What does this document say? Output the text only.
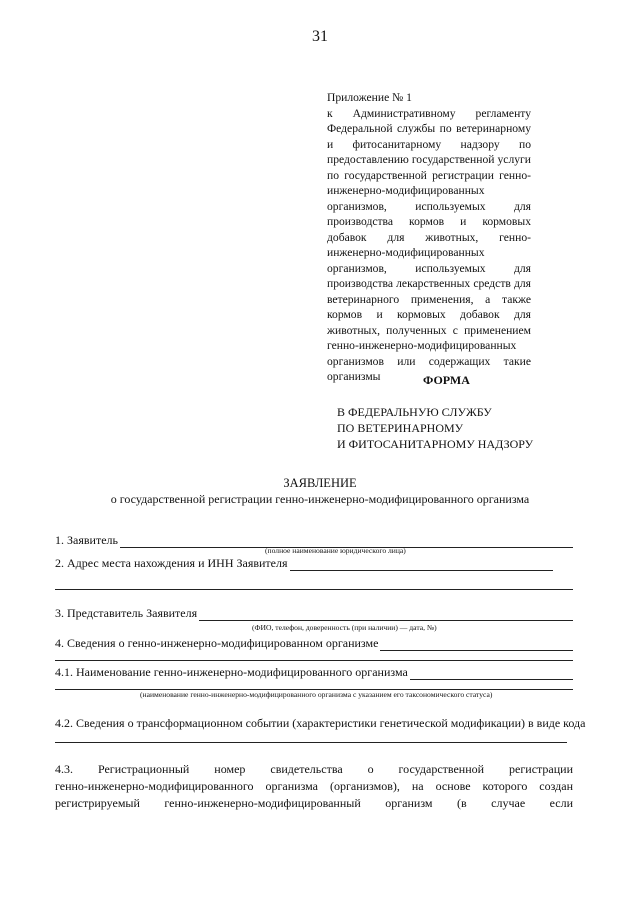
31
Приложение № 1
к Административному регламенту Федеральной службы по ветеринарному и фитосанитарному надзору по предоставлению государственной услуги по государственной регистрации генно-инженерно-модифицированных организмов, используемых для производства кормов и кормовых добавок для животных, генно-инженерно-модифицированных организмов, используемых для производства лекарственных средств для ветеринарного применения, а также кормов и кормовых добавок для животных, полученных с применением генно-инженерно-модифицированных организмов или содержащих такие организмы	ФОРМА
В ФЕДЕРАЛЬНУЮ СЛУЖБУ
ПО ВЕТЕРИНАРНОМУ
И ФИТОСАНИТАРНОМУ НАДЗОРУ
ЗАЯВЛЕНИЕ
о государственной регистрации генно-инженерно-модифицированного организма
1. Заявитель
(полное наименование юридического лица)
2. Адрес места нахождения и ИНН Заявителя
3. Представитель Заявителя
(ФИО, телефон, доверенность (при наличии) — дата, №)
4. Сведения о генно-инженерно-модифицированном организме
4.1. Наименование генно-инженерно-модифицированного организма
(наименование генно-инженерно-модифицированного организма с указанием его таксономического статуса)
4.2. Сведения о трансформационном событии (характеристики генетической модификации) в виде кода
4.3. Регистрационный номер свидетельства о государственной регистрации
генно-инженерно-модифицированного организма (организмов), на основе которого создан
регистрируемый генно-инженерно-модифицированный организм (в случае если
